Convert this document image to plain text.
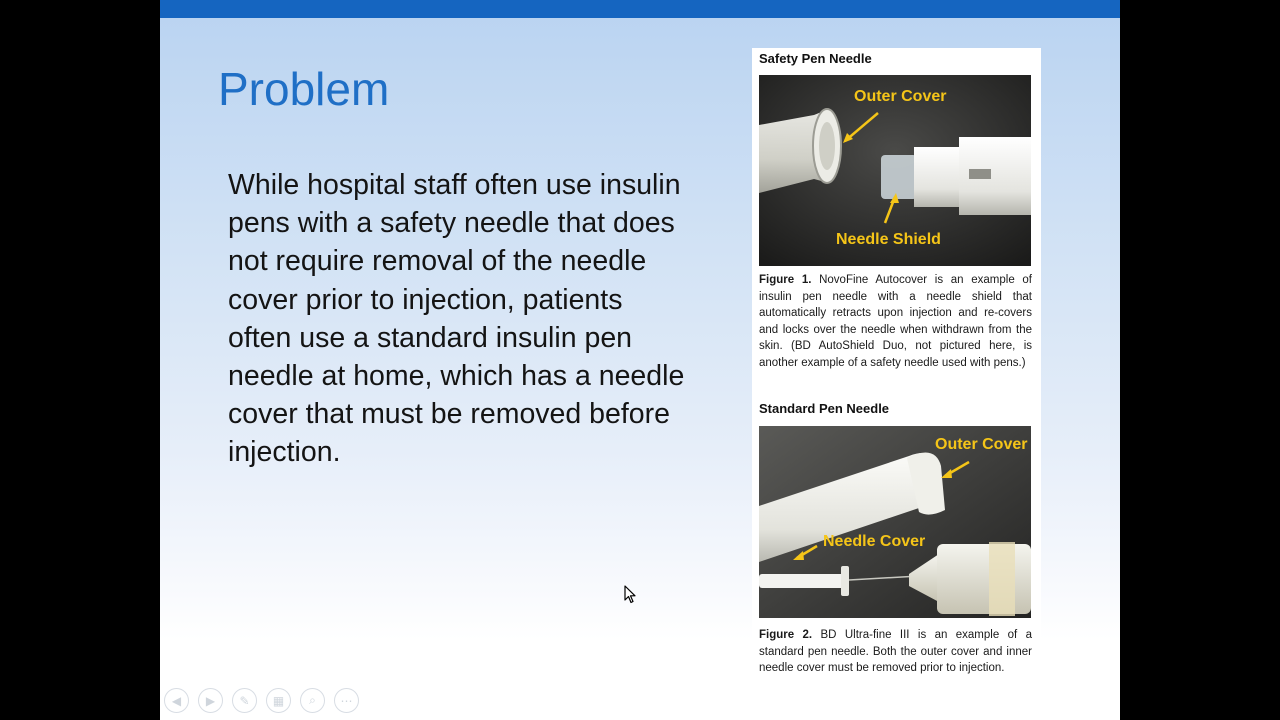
Problem
While hospital staff often use insulin pens with a safety needle that does not require removal of the needle cover prior to injection, patients often use a standard insulin pen needle at home, which has a needle cover that must be removed before injection.
Safety Pen Needle
Outer Cover
Needle Shield
Figure 1. NovoFine Autocover is an example of insulin pen needle with a needle shield that automatically retracts upon injection and re-covers and locks over the needle when withdrawn from the skin. (BD AutoShield Duo, not pictured here, is another example of a safety needle used with pens.)
Standard Pen Needle
Outer Cover
Needle Cover
Figure 2. BD Ultra-fine III is an example of a standard pen needle. Both the outer cover and inner needle cover must be removed prior to injection.
◀ ▶ ✎ ▦ ⌕ ⋯
